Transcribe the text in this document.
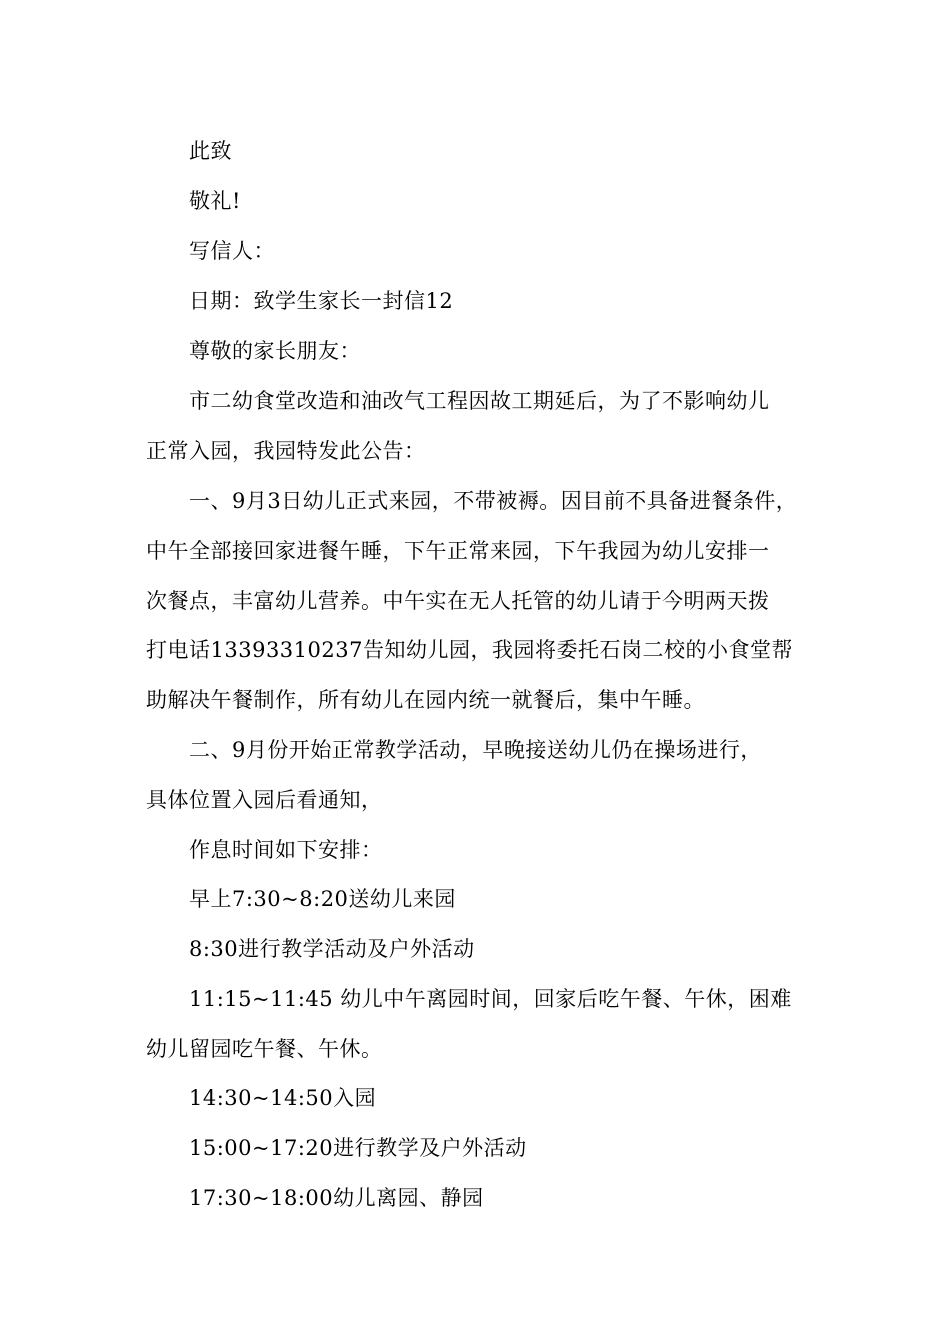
此致
敬礼!
写信人：
日期：致学生家长一封信12
尊敬的家长朋友：
市二幼食堂改造和油改气工程因故工期延后，为了不影响幼儿
正常入园，我园特发此公告：
一、9月3日幼儿正式来园，不带被褥。因目前不具备进餐条件，
中午全部接回家进餐午睡，下午正常来园，下午我园为幼儿安排一
次餐点，丰富幼儿营养。中午实在无人托管的幼儿请于今明两天拨
打电话13393310237告知幼儿园，我园将委托石岗二校的小食堂帮
助解决午餐制作，所有幼儿在园内统一就餐后，集中午睡。
二、9月份开始正常教学活动，早晚接送幼儿仍在操场进行，
具体位置入园后看通知，
作息时间如下安排：
早上7:30~8:20送幼儿来园
8:30进行教学活动及户外活动
11:15~11:45 幼儿中午离园时间，回家后吃午餐、午休，困难
幼儿留园吃午餐、午休。
14:30~14:50入园
15:00~17:20进行教学及户外活动
17:30~18:00幼儿离园、静园
